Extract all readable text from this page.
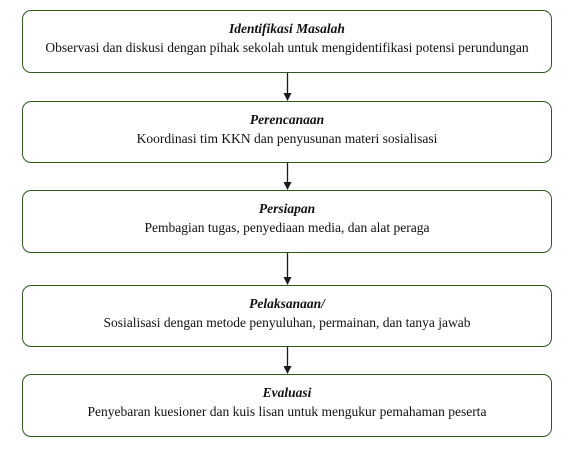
Identifikasi Masalah
Observasi dan diskusi dengan pihak sekolah untuk mengidentifikasi potensi perundungan
Perencanaan
Koordinasi tim KKN dan penyusunan materi sosialisasi
Persiapan
Pembagian tugas, penyediaan media, dan alat peraga
Pelaksanaan/
Sosialisasi dengan metode penyuluhan, permainan, dan tanya jawab
Evaluasi
Penyebaran kuesioner dan kuis lisan untuk mengukur pemahaman peserta
